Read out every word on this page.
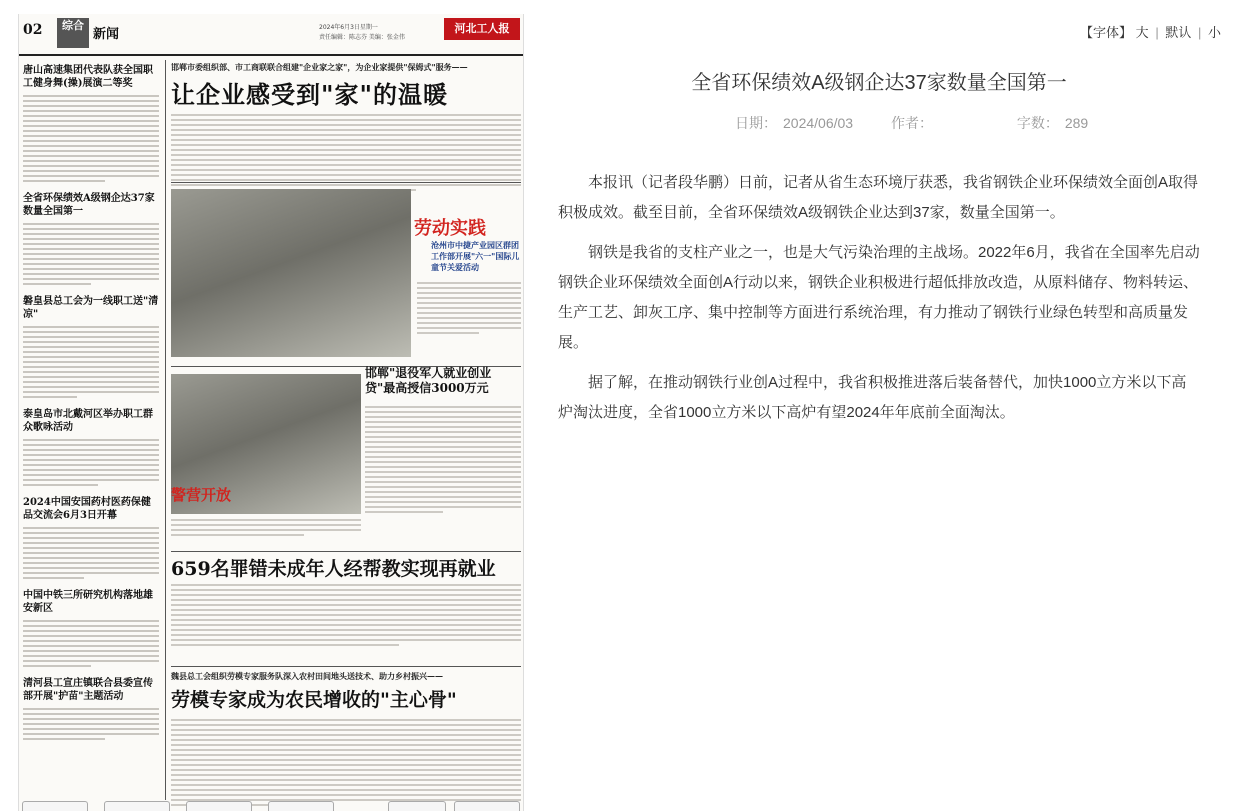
02	综合
新闻	2024年6月3日星期一
责任编辑：陈志芬 美编：张金伟
河北工人报
唐山高速集团代表队获全国职工健身舞(操)展演二等奖
全省环保绩效A级钢企达37家数量全国第一
磐皇县总工会为一线职工送"清凉"
泰皇岛市北戴河区举办职工群众歌咏活动
2024中国安国药村医药保健品交流会6月3日开幕
中国中铁三所研究机构落地雄安新区
清河县工宣庄镇联合县委宣传部开展"护苗"主题活动
邯郸市委组织部、市工商联联合组建"企业家之家"，为企业家提供"保姆式"服务——
让企业感受到"家"的温暖
劳动实践
沧州市中捷产业园区群团工作部开展"六一"国际儿童节关爱活动
警营开放
邯郸"退役军人就业创业贷"最高授信3000万元
659名罪错未成年人经帮教实现再就业
魏县总工会组织劳模专家服务队深入农村田间地头送技术、助力乡村振兴——
劳模专家成为农民增收的"主心骨"
【字体】 大 | 默认 | 小
全省环保绩效A级钢企达37家数量全国第一
日期： 2024/06/03	作者：	字数： 289

本报讯（记者段华鹏）日前，记者从省生态环境厅获悉，我省钢铁企业环保绩效全面创A取得积极成效。截至目前，全省环保绩效A级钢铁企业达到37家，数量全国第一。

钢铁是我省的支柱产业之一，也是大气污染治理的主战场。2022年6月，我省在全国率先启动钢铁企业环保绩效全面创A行动以来，钢铁企业积极进行超低排放改造，从原料储存、物料转运、生产工艺、卸灰工序、集中控制等方面进行系统治理，有力推动了钢铁行业绿色转型和高质量发展。

据了解，在推动钢铁行业创A过程中，我省积极推进落后装备替代，加快1000立方米以下高炉淘汰进度，全省1000立方米以下高炉有望2024年年底前全面淘汰。
